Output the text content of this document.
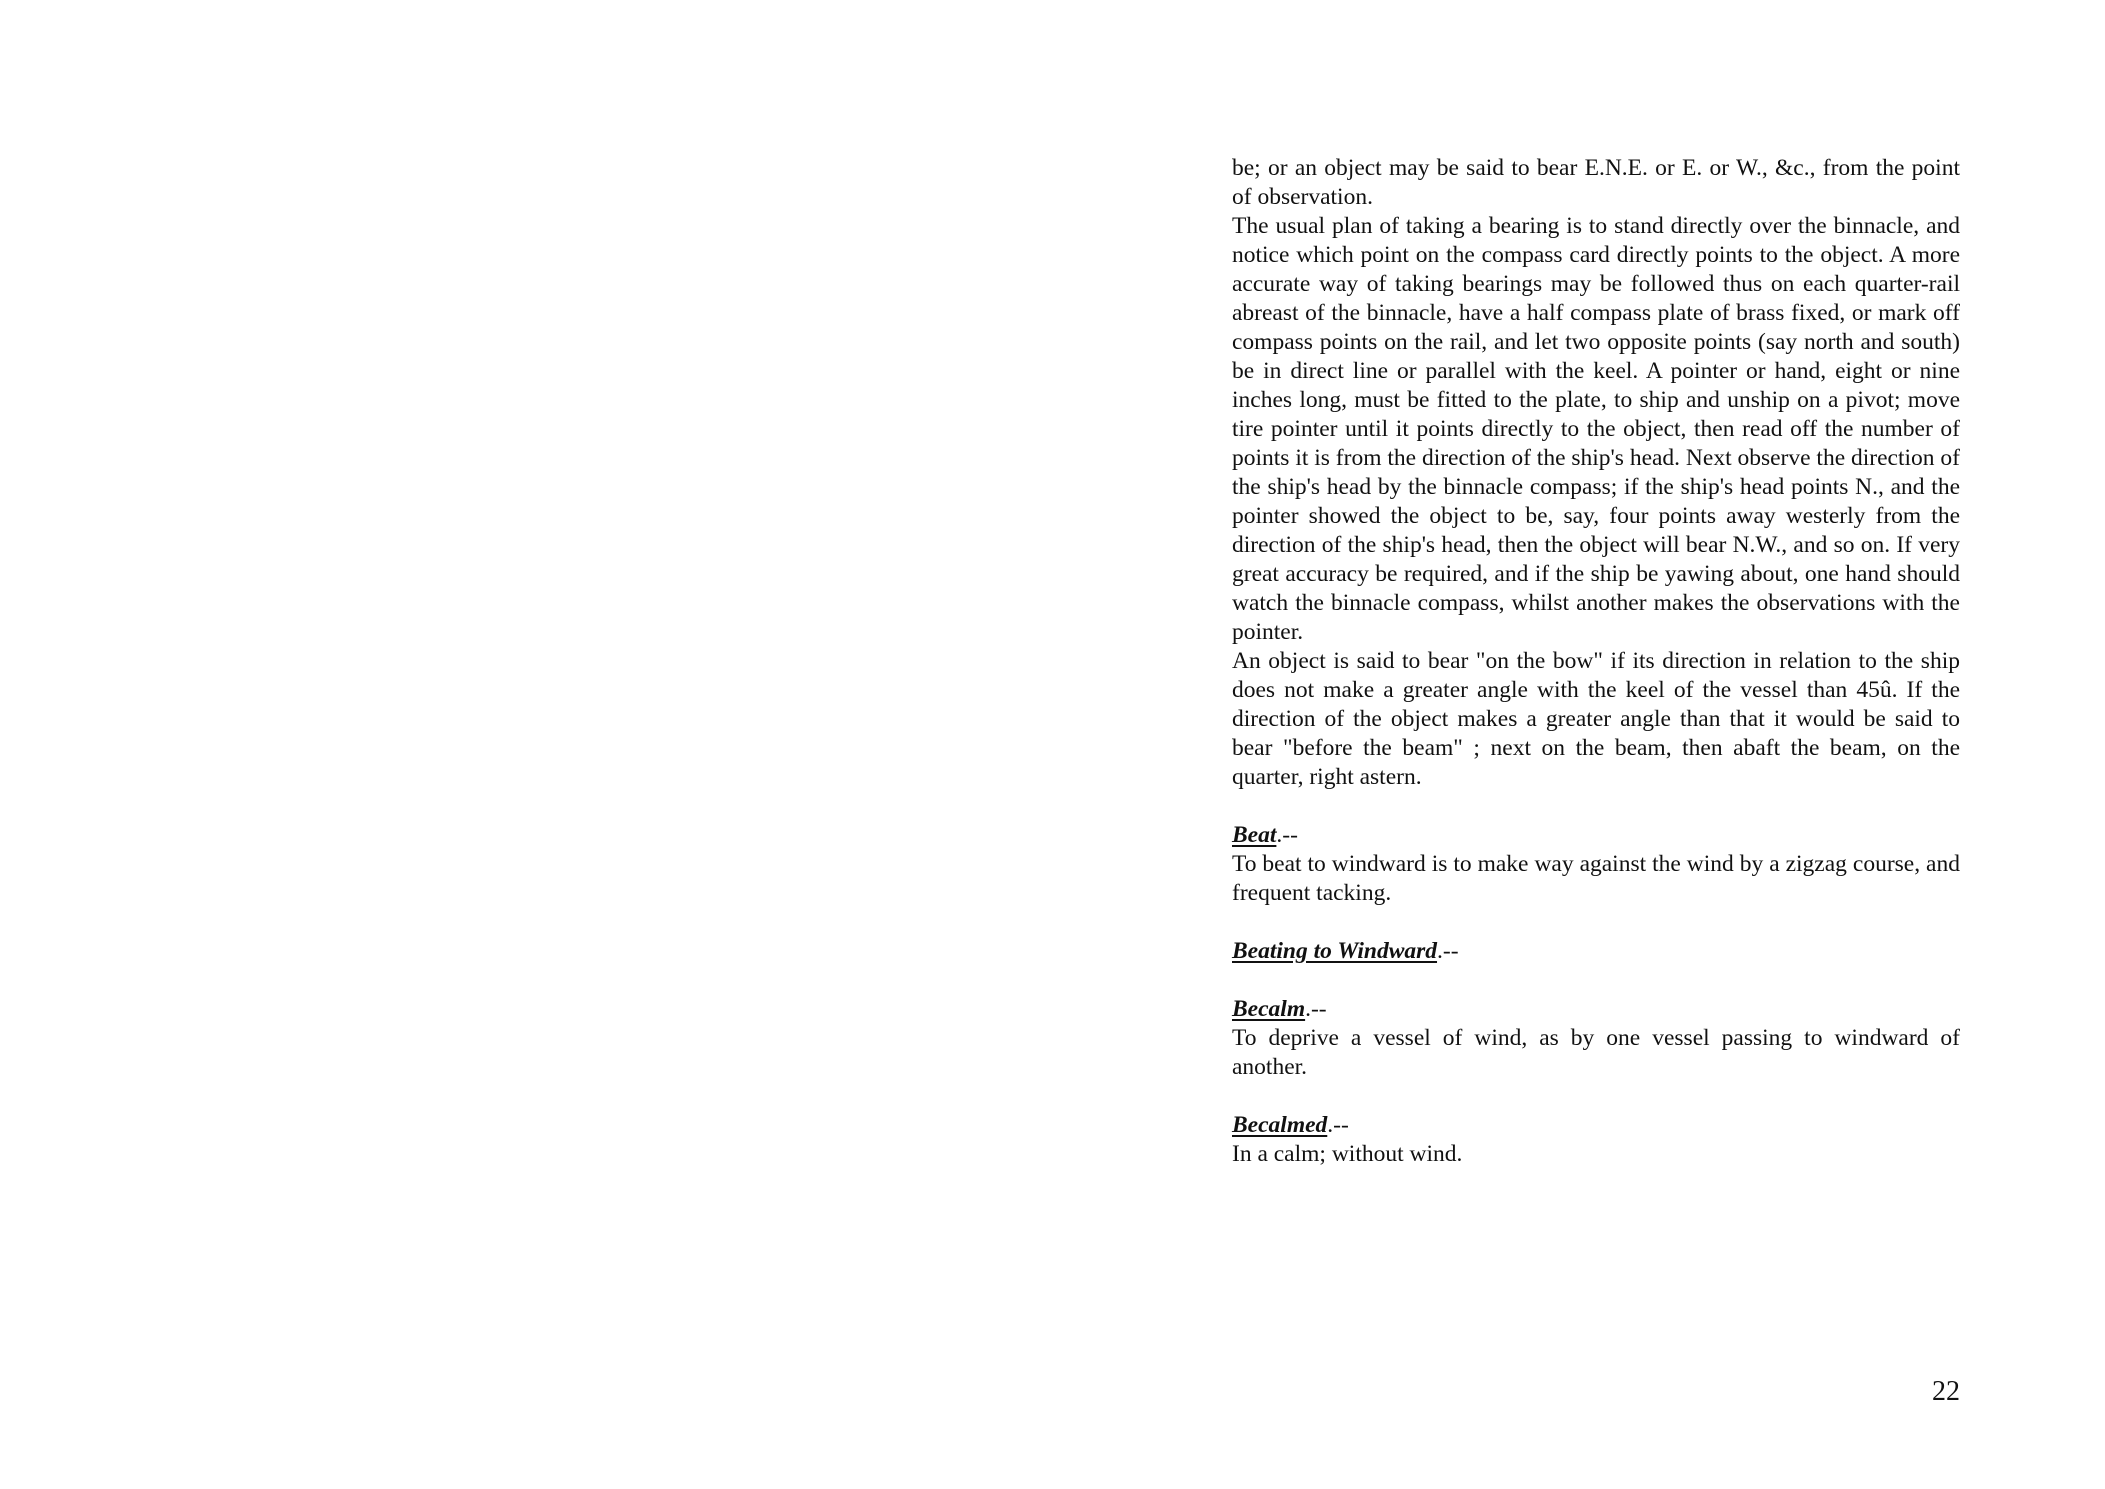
be; or an object may be said to bear E.N.E. or E. or W., &c., from the point of observation.

The usual plan of taking a bearing is to stand directly over the binnacle, and notice which point on the compass card directly points to the object. A more accurate way of taking bearings may be followed thus on each quarter-rail abreast of the binnacle, have a half compass plate of brass fixed, or mark off compass points on the rail, and let two opposite points (say north and south) be in direct line or parallel with the keel. A pointer or hand, eight or nine inches long, must be fitted to the plate, to ship and unship on a pivot; move tire pointer until it points directly to the object, then read off the number of points it is from the direction of the ship's head. Next observe the direction of the ship's head by the binnacle compass; if the ship's head points N., and the pointer showed the object to be, say, four points away westerly from the direction of the ship's head, then the object will bear N.W., and so on. If very great accuracy be required, and if the ship be yawing about, one hand should watch the binnacle compass, whilst another makes the observations with the pointer.

An object is said to bear "on the bow" if its direction in relation to the ship does not make a greater angle with the keel of the vessel than 45û. If the direction of the object makes a greater angle than that it would be said to bear "before the beam" ; next on the beam, then abaft the beam, on the quarter, right astern.

Beat.--

To beat to windward is to make way against the wind by a zigzag course, and frequent tacking.

Beating to Windward.--

Becalm.--

To deprive a vessel of wind, as by one vessel passing to windward of another.

Becalmed.--

In a calm; without wind.

22
